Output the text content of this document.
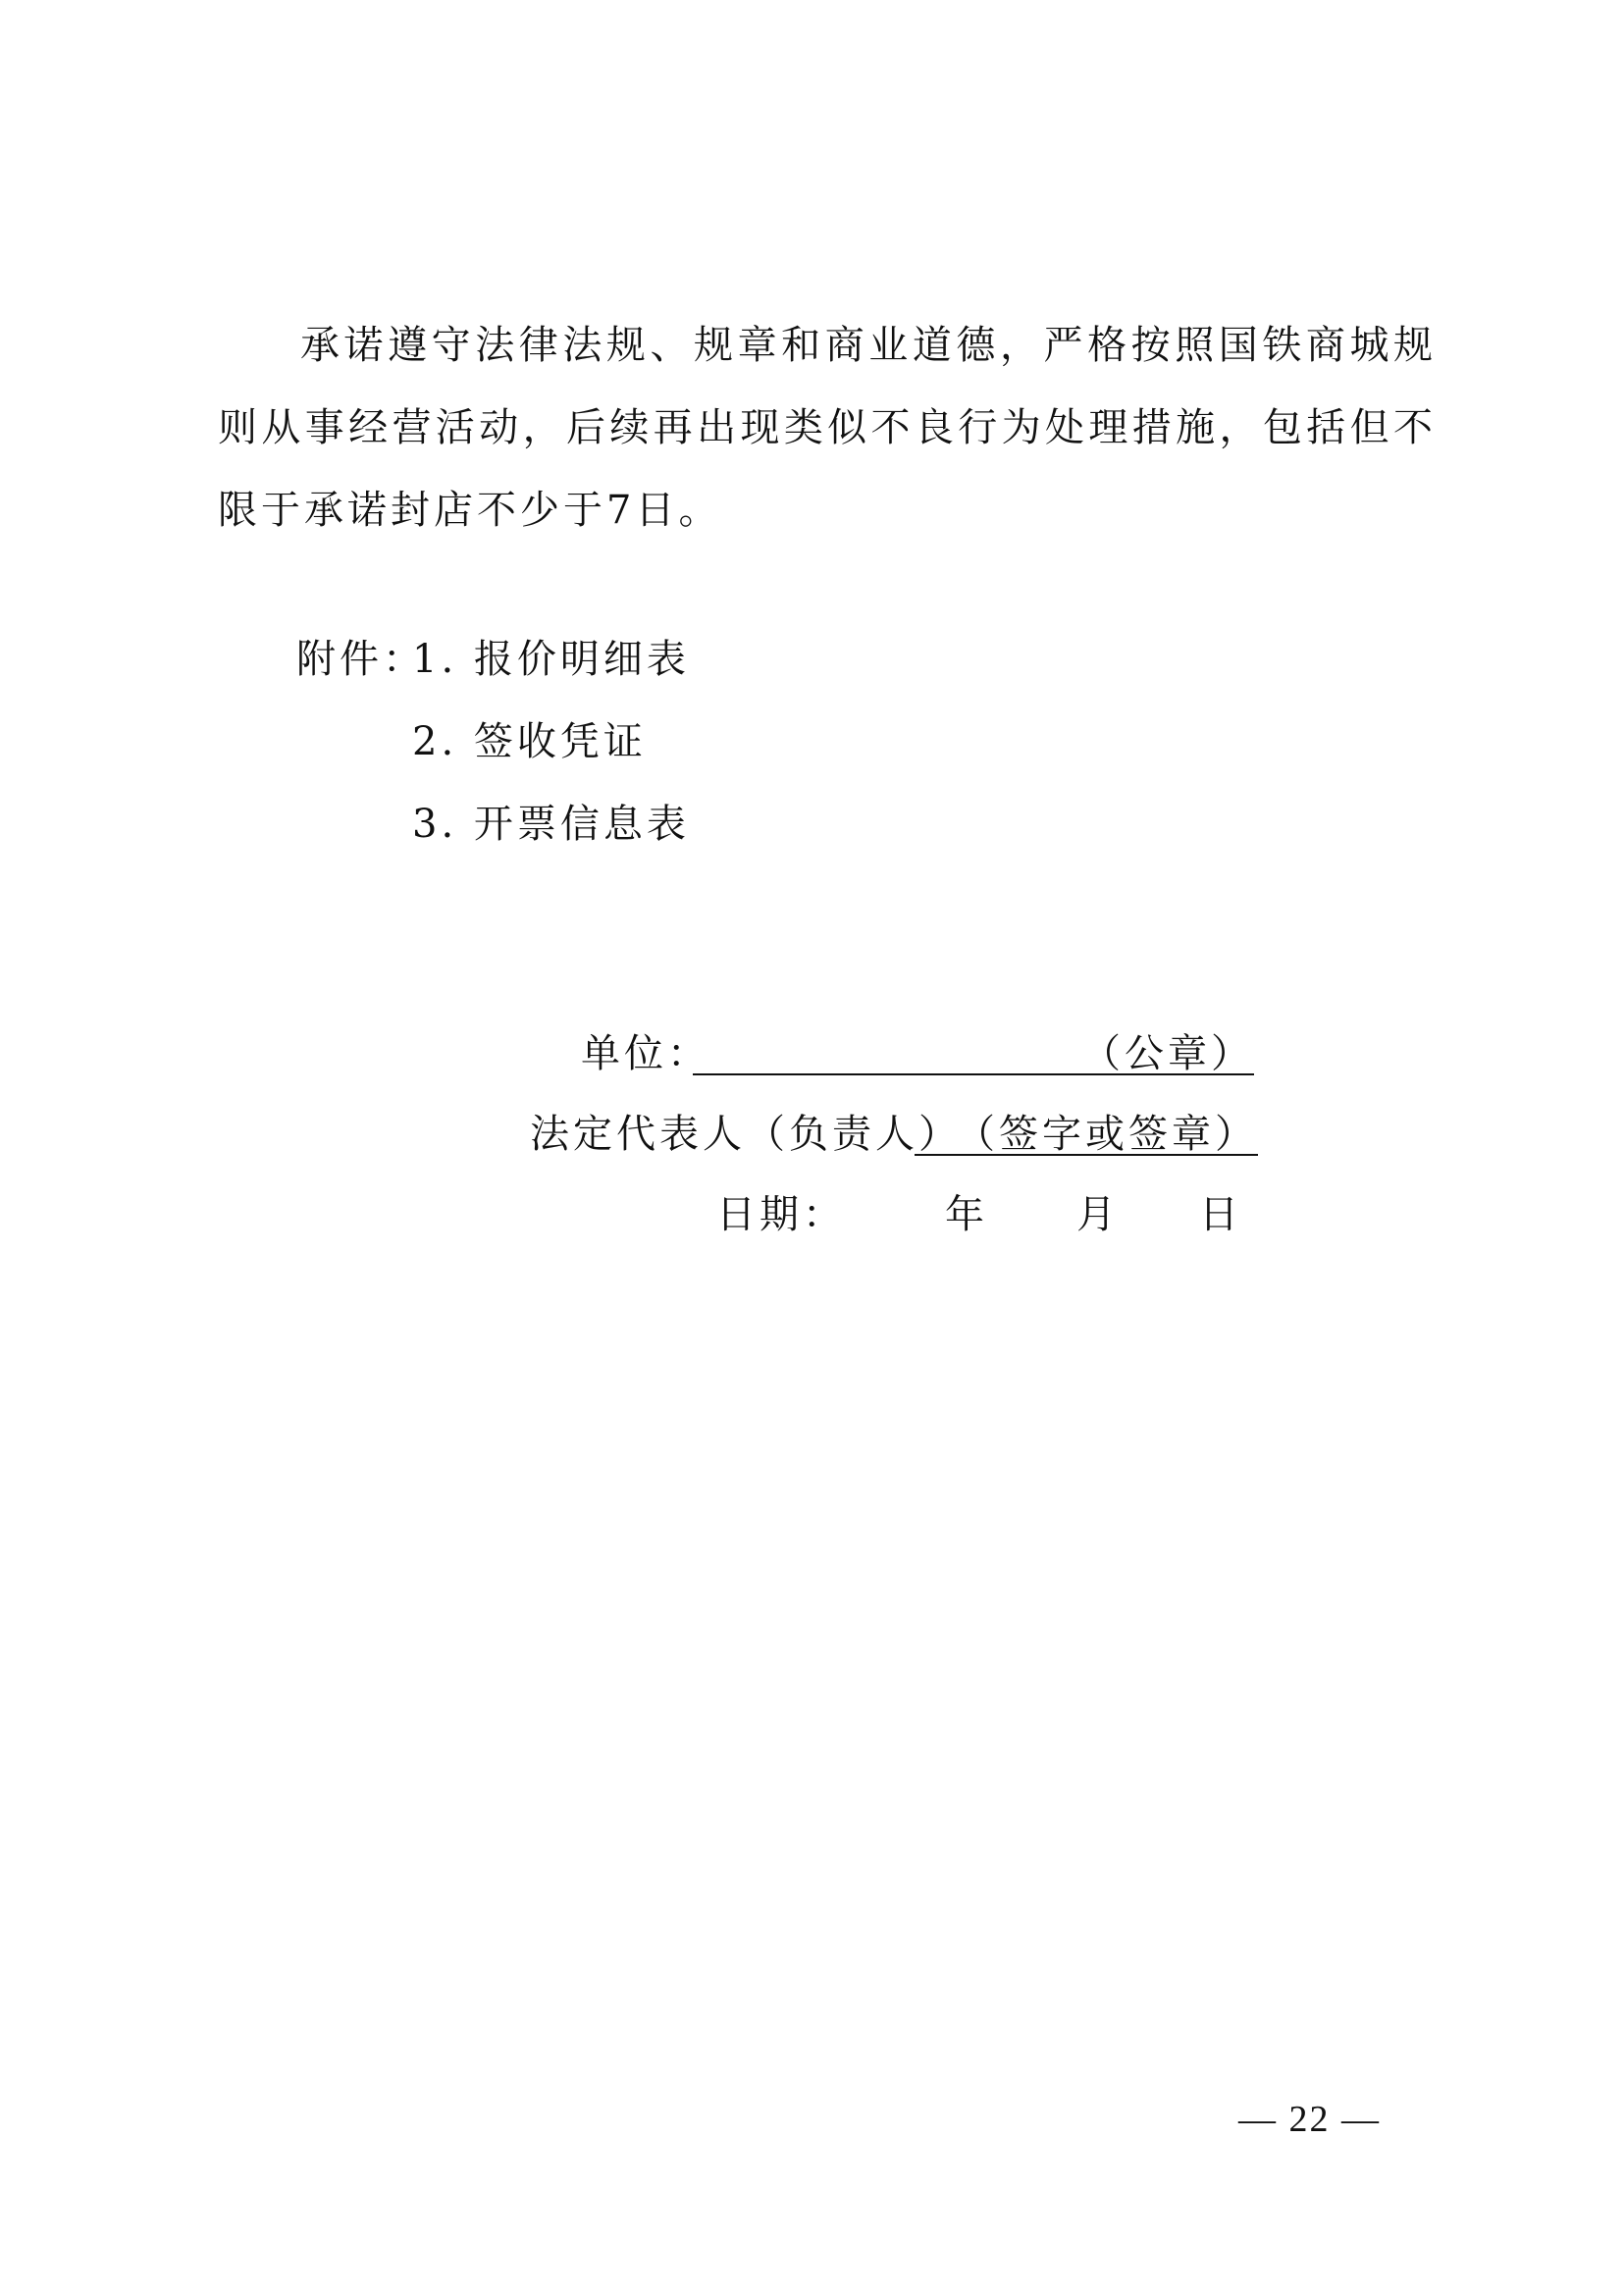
承诺遵守法律法规、规章和商业道德，严格按照国铁商城规则从事经营活动，后续再出现类似不良行为处理措施，包括但不限于承诺封店不少于7日。

附件：1. 报价明细表
2. 签收凭证
3. 开票信息表
单位：	（公章）
法定代表人（负责人）
（签字或签章）
日期：	年 月 日
— 22 —
